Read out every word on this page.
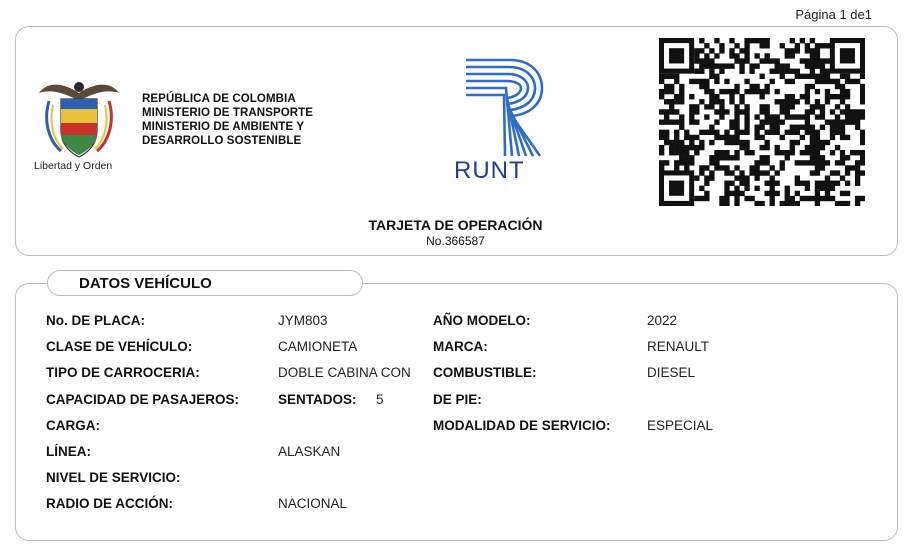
Página 1 de1
REPÚBLICA DE COLOMBIA
MINISTERIO DE TRANSPORTE
MINISTERIO DE AMBIENTE Y
DESARROLLO SOSTENIBLE
Libertad y Orden	RUNT
TARJETA DE OPERACIÓN
No.366587
DATOS VEHÍCULO
No. DE PLACA:	JYM803
CLASE DE VEHÍCULO:	CAMIONETA
TIPO DE CARROCERIA:	DOBLE CABINA CON
CAPACIDAD DE PASAJEROS:	SENTADOS: 5
CARGA:
LÍNEA:	ALASKAN
NIVEL DE SERVICIO:
RADIO DE ACCIÓN:	NACIONAL
AÑO MODELO:	2022
MARCA:	RENAULT
COMBUSTIBLE:	DIESEL
DE PIE:
MODALIDAD DE SERVICIO:	ESPECIAL
